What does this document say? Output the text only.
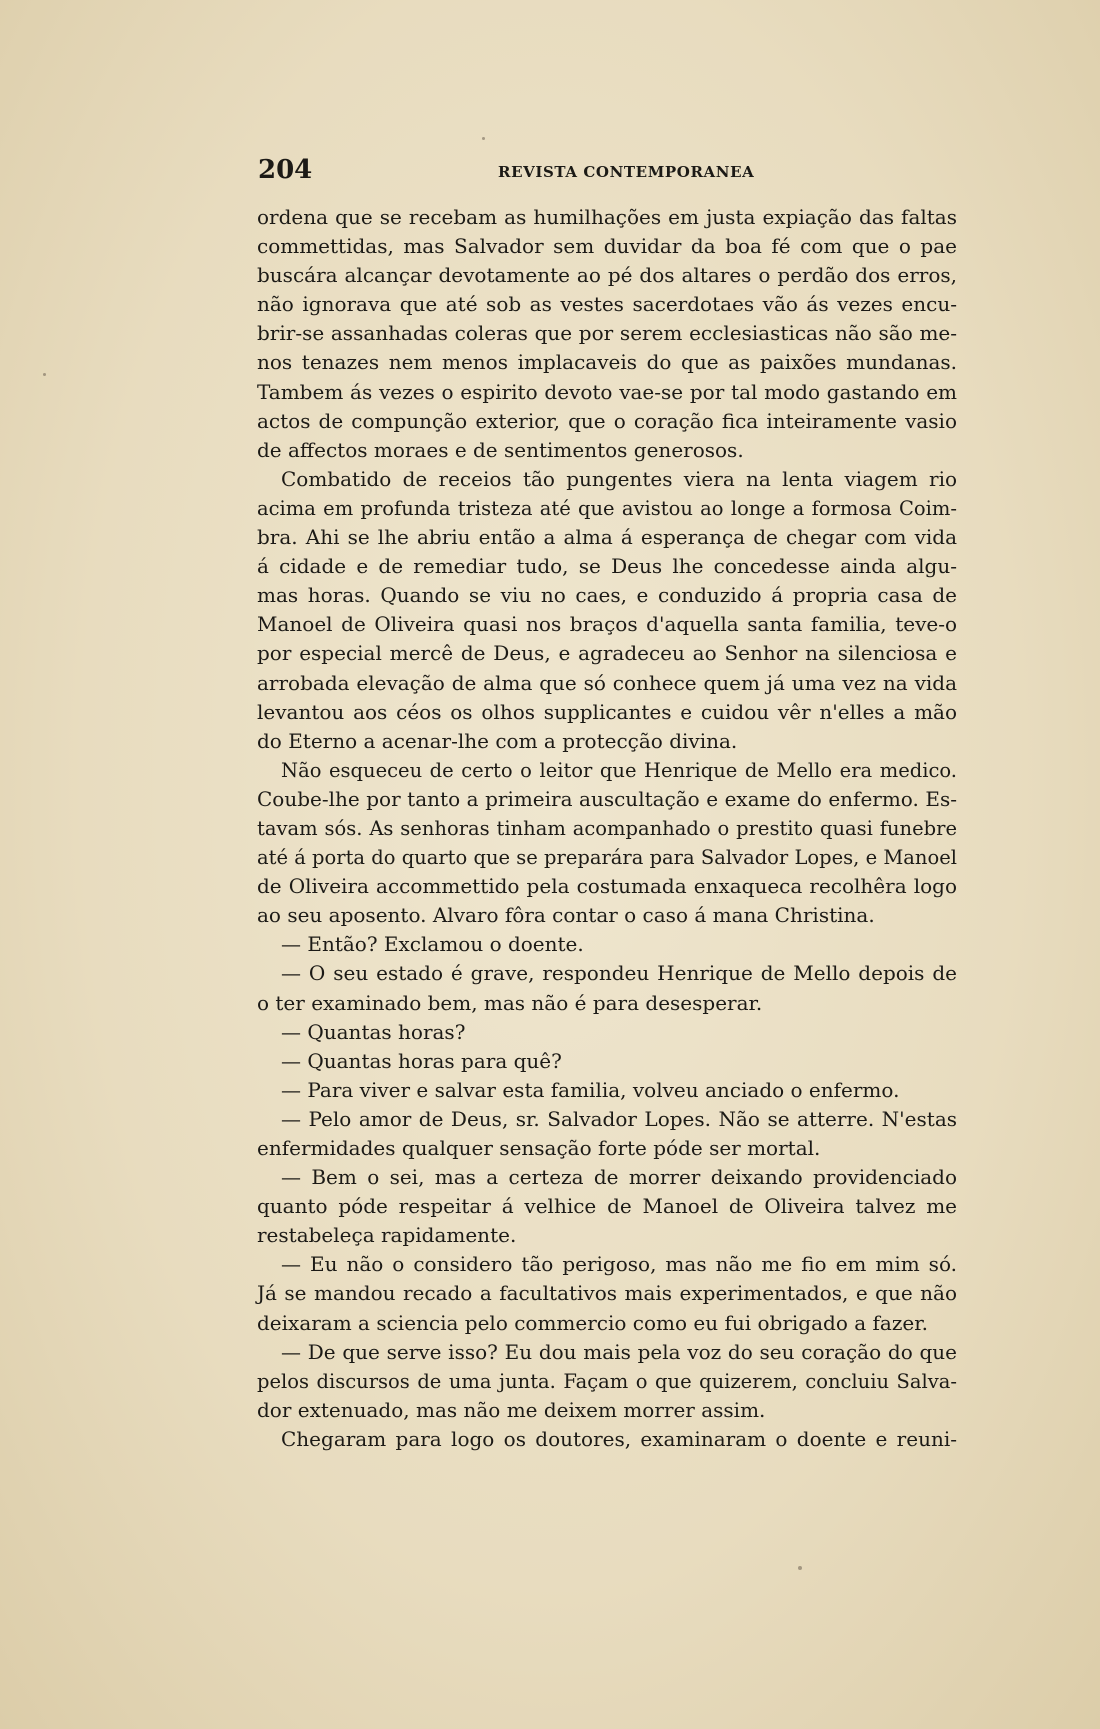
204	REVISTA CONTEMPORANEA
ordena que se recebam as humilhações em justa expiação das faltas
commettidas, mas Salvador sem duvidar da boa fé com que o pae
buscára alcançar devotamente ao pé dos altares o perdão dos erros,
não ignorava que até sob as vestes sacerdotaes vão ás vezes encu-
brir-se assanhadas coleras que por serem ecclesiasticas não são me-
nos tenazes nem menos implacaveis do que as paixões mundanas.
Tambem ás vezes o espirito devoto vae-se por tal modo gastando em
actos de compunção exterior, que o coração fica inteiramente vasio
de affectos moraes e de sentimentos generosos.
Combatido de receios tão pungentes viera na lenta viagem rio
acima em profunda tristeza até que avistou ao longe a formosa Coim-
bra. Ahi se lhe abriu então a alma á esperança de chegar com vida
á cidade e de remediar tudo, se Deus lhe concedesse ainda algu-
mas horas. Quando se viu no caes, e conduzido á propria casa de
Manoel de Oliveira quasi nos braços d'aquella santa familia, teve-o
por especial mercê de Deus, e agradeceu ao Senhor na silenciosa e
arrobada elevação de alma que só conhece quem já uma vez na vida
levantou aos céos os olhos supplicantes e cuidou vêr n'elles a mão
do Eterno a acenar-lhe com a protecção divina.
Não esqueceu de certo o leitor que Henrique de Mello era medico.
Coube-lhe por tanto a primeira auscultação e exame do enfermo. Es-
tavam sós. As senhoras tinham acompanhado o prestito quasi funebre
até á porta do quarto que se preparára para Salvador Lopes, e Manoel
de Oliveira accommettido pela costumada enxaqueca recolhêra logo
ao seu aposento. Alvaro fôra contar o caso á mana Christina.
— Então? Exclamou o doente.
— O seu estado é grave, respondeu Henrique de Mello depois de
o ter examinado bem, mas não é para desesperar.
— Quantas horas?
— Quantas horas para quê?
— Para viver e salvar esta familia, volveu anciado o enfermo.
— Pelo amor de Deus, sr. Salvador Lopes. Não se atterre. N'estas
enfermidades qualquer sensação forte póde ser mortal.
— Bem o sei, mas a certeza de morrer deixando providenciado
quanto póde respeitar á velhice de Manoel de Oliveira talvez me
restabeleça rapidamente.
— Eu não o considero tão perigoso, mas não me fio em mim só.
Já se mandou recado a facultativos mais experimentados, e que não
deixaram a sciencia pelo commercio como eu fui obrigado a fazer.
— De que serve isso? Eu dou mais pela voz do seu coração do que
pelos discursos de uma junta. Façam o que quizerem, concluiu Salva-
dor extenuado, mas não me deixem morrer assim.
Chegaram para logo os doutores, examinaram o doente e reuni-
